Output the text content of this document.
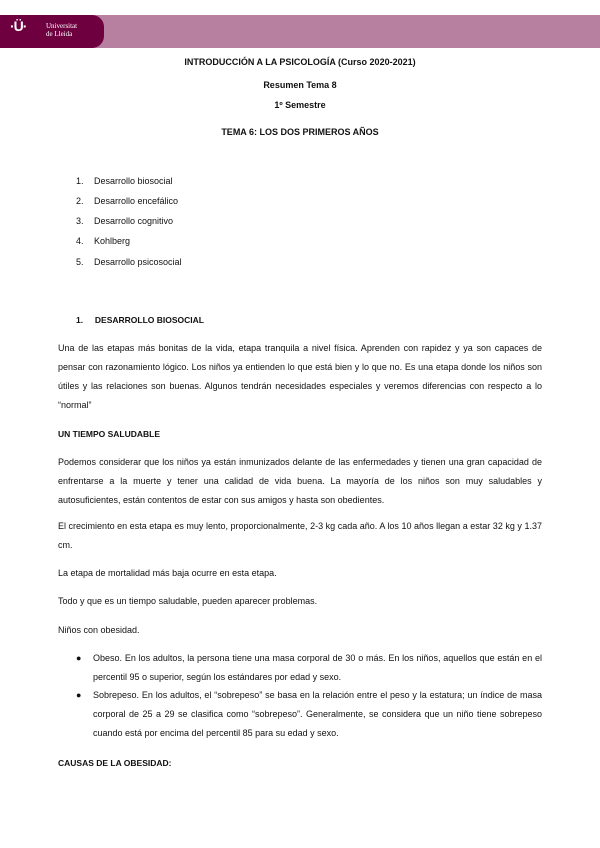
·Ü·	Universitat
de Lleida
INTRODUCCIÓN A LA PSICOLOGÍA (Curso 2020-2021)
Resumen Tema 8
1º Semestre
TEMA 6: LOS DOS PRIMEROS AÑOS
1. Desarrollo biosocial
2. Desarrollo encefálico
3. Desarrollo cognitivo
4. Kohlberg
5. Desarrollo psicosocial
1.     DESARROLLO BIOSOCIAL
Una de las etapas más bonitas de la vida, etapa tranquila a nivel física. Aprenden con rapidez y ya son capaces de pensar con razonamiento lógico. Los niños ya entienden lo que está bien y lo que no. Es una etapa donde los niños son útiles y las relaciones son buenas. Algunos tendrán necesidades especiales y veremos diferencias con respecto a lo “normal”
UN TIEMPO SALUDABLE
Podemos considerar que los niños ya están inmunizados delante de las enfermedades y tienen una gran capacidad de enfrentarse a la muerte y tener una calidad de vida buena. La mayoría de los niños son muy saludables y autosuficientes, están contentos de estar con sus amigos y hasta son obedientes.
El crecimiento en esta etapa es muy lento, proporcionalmente, 2-3 kg cada año. A los 10 años llegan a estar 32 kg y 1.37 cm.
La etapa de mortalidad más baja ocurre en esta etapa.
Todo y que es un tiempo saludable, pueden aparecer problemas.
Niños con obesidad.
● Obeso. En los adultos, la persona tiene una masa corporal de 30 o más. En los niños, aquellos que están en el percentil 95 o superior, según los estándares por edad y sexo.
● Sobrepeso. En los adultos, el “sobrepeso” se basa en la relación entre el peso y la estatura; un índice de masa corporal de 25 a 29 se clasifica como “sobrepeso”. Generalmente, se considera que un niño tiene sobrepeso cuando está por encima del percentil 85 para su edad y sexo.
CAUSAS DE LA OBESIDAD:
